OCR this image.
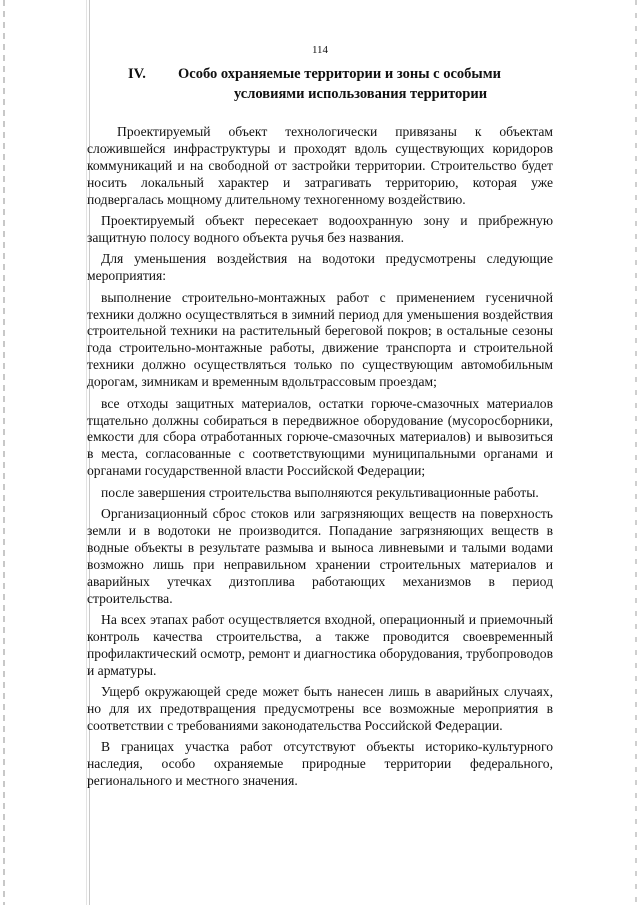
114
IV. Особо охраняемые территории и зоны с особыми
условиями использования территории

Проектируемый объект технологически привязаны к объектам сложившейся инфраструктуры и проходят вдоль существующих коридоров коммуникаций и на свободной от застройки территории. Строительство будет носить локальный характер и затрагивать территорию, которая уже подвергалась мощному длительному техногенному воздействию.

Проектируемый объект пересекает водоохранную зону и прибрежную защитную полосу водного объекта ручья без названия.

Для уменьшения воздействия на водотоки предусмотрены следующие мероприятия:

выполнение строительно-монтажных работ с применением гусеничной техники должно осуществляться в зимний период для уменьшения воздействия строительной техники на растительный береговой покров; в остальные сезоны года строительно-монтажные работы, движение транспорта и строительной техники должно осуществляться только по существующим автомобильным дорогам, зимникам и временным вдольтрассовым проездам;

все отходы защитных материалов, остатки горюче-смазочных материалов тщательно должны собираться в передвижное оборудование (мусоросборники, емкости для сбора отработанных горюче-смазочных материалов) и вывозиться в места, согласованные с соответствующими муниципальными органами и органами государственной власти Российской Федерации;

после завершения строительства выполняются рекультивационные работы.

Организационный сброс стоков или загрязняющих веществ на поверхность земли и в водотоки не производится. Попадание загрязняющих веществ в водные объекты в результате размыва и выноса ливневыми и талыми водами возможно лишь при неправильном хранении строительных материалов и аварийных утечках дизтоплива работающих механизмов в период строительства.

На всех этапах работ осуществляется входной, операционный и приемочный контроль качества строительства, а также проводится своевременный профилактический осмотр, ремонт и диагностика оборудования, трубопроводов и арматуры.

Ущерб окружающей среде может быть нанесен лишь в аварийных случаях, но для их предотвращения предусмотрены все возможные мероприятия в соответствии с требованиями законодательства Российской Федерации.

В границах участка работ отсутствуют объекты историко-культурного наследия, особо охраняемые природные территории федерального, регионального и местного значения.
